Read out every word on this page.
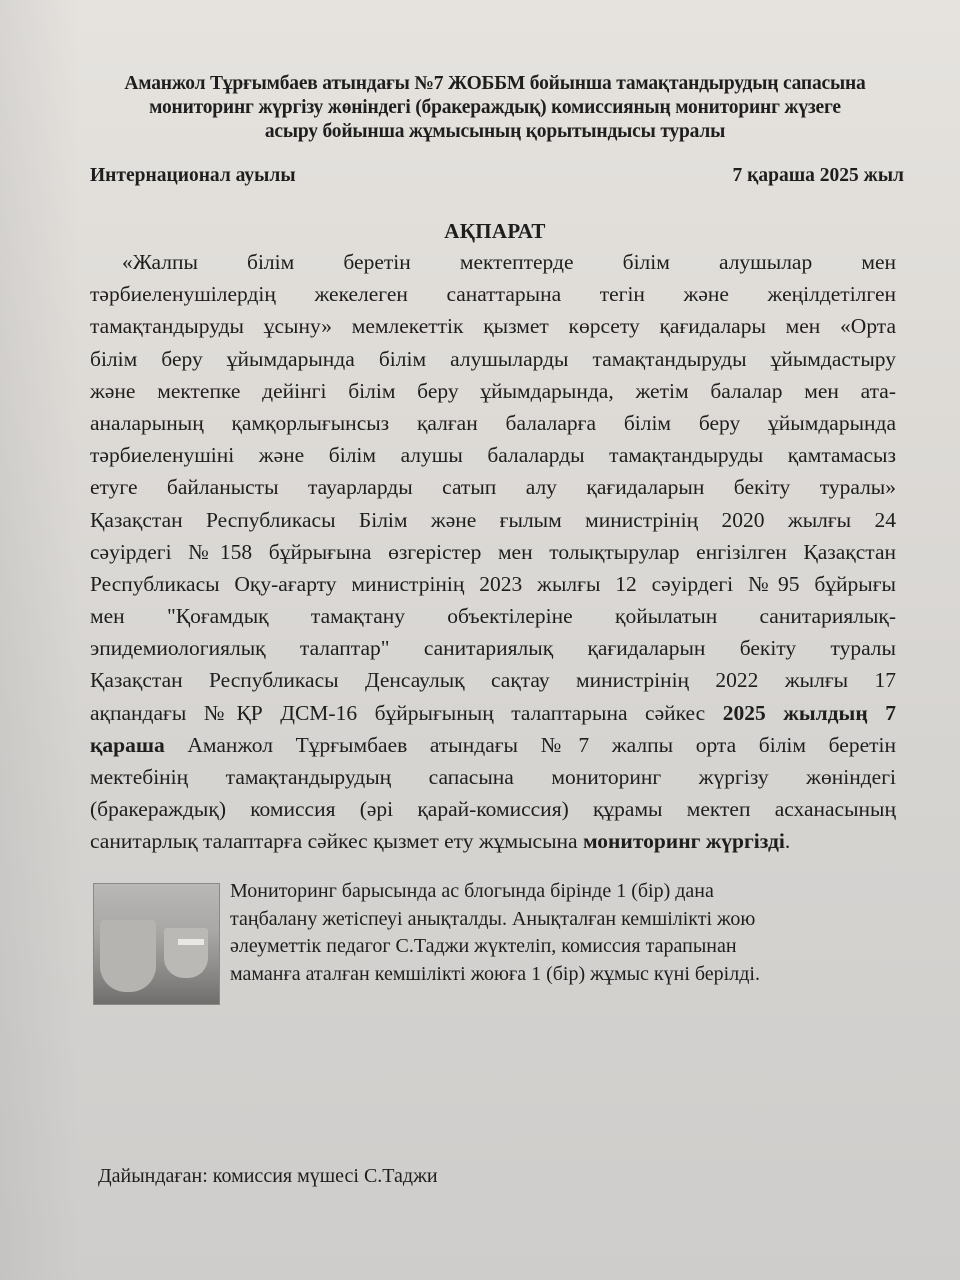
Аманжол Тұрғымбаев атындағы №7 ЖОББМ бойынша тамақтандырудың сапасына
мониторинг жүргізу жөніндегі (бракераждық) комиссияның мониторинг жүзеге
асыру бойынша жұмысының қорытындысы туралы
Интернационал ауылы	7 қараша 2025 жыл
АҚПАРАТ
«Жалпы білім беретін мектептерде білім алушылар мен
тәрбиеленушілердің жекелеген санаттарына тегін және жеңілдетілген
тамақтандыруды ұсыну» мемлекеттік қызмет көрсету қағидалары мен «Орта
білім беру ұйымдарында білім алушыларды тамақтандыруды ұйымдастыру
және мектепке дейінгі білім беру ұйымдарында, жетім балалар мен ата-
аналарының қамқорлығынсыз қалған балаларға білім беру ұйымдарында
тәрбиеленушіні және білім алушы балаларды тамақтандыруды қамтамасыз
етуге байланысты тауарларды сатып алу қағидаларын бекіту туралы»
Қазақстан Республикасы Білім және ғылым министрінің 2020 жылғы 24
сәуірдегі №158 бұйрығына өзгерістер мен толықтырулар енгізілген Қазақстан
Республикасы Оқу-ағарту министрінің 2023 жылғы 12 сәуірдегі №95 бұйрығы
мен "Қоғамдық тамақтану объектілеріне қойылатын санитариялық-
эпидемиологиялық талаптар" санитариялық қағидаларын бекіту туралы
Қазақстан Республикасы Денсаулық сақтау министрінің 2022 жылғы 17
ақпандағы №ҚР ДСМ-16 бұйрығының талаптарына сәйкес 2025 жылдың 7
қараша Аманжол Тұрғымбаев атындағы №7 жалпы орта білім беретін
мектебінің тамақтандырудың сапасына мониторинг жүргізу жөніндегі
(бракераждық) комиссия (әрі қарай-комиссия) құрамы мектеп асханасының
санитарлық талаптарға сәйкес қызмет ету жұмысына мониторинг жүргізді.
Мониторинг барысында ас блогында бірінде 1 (бір) дана
таңбалану жетіспеуі анықталды. Анықталған кемшілікті жою
әлеуметтік педагог С.Таджи жүктеліп, комиссия тарапынан
маманға аталған кемшілікті жоюға 1 (бір) жұмыс күні берілді.
Дайындаған: комиссия мүшесі С.Таджи
